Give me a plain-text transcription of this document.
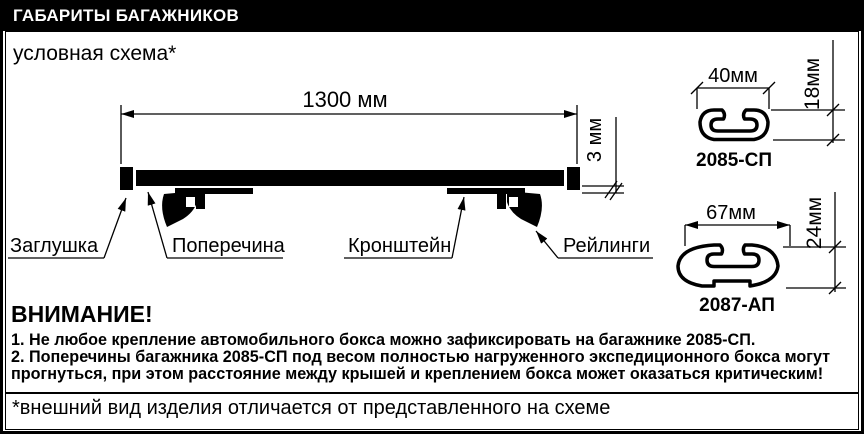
ГАБАРИТЫ БАГАЖНИКОВ
условная схема*
1300 мм
3 мм
Заглушка	Поперечина	Кронштейн	Рейлинги
40мм 18мм
2085-СП
67мм 24мм
2087-АП
ВНИМАНИЕ!
1. Не любое крепление автомобильного бокса можно зафиксировать на багажнике 2085-СП.
2. Поперечины багажника 2085-СП под весом полностью нагруженного экспедиционного бокса могут прогнуться, при этом расстояние между крышей и креплением бокса может оказаться критическим!
*внешний вид изделия отличается от представленного на схеме
